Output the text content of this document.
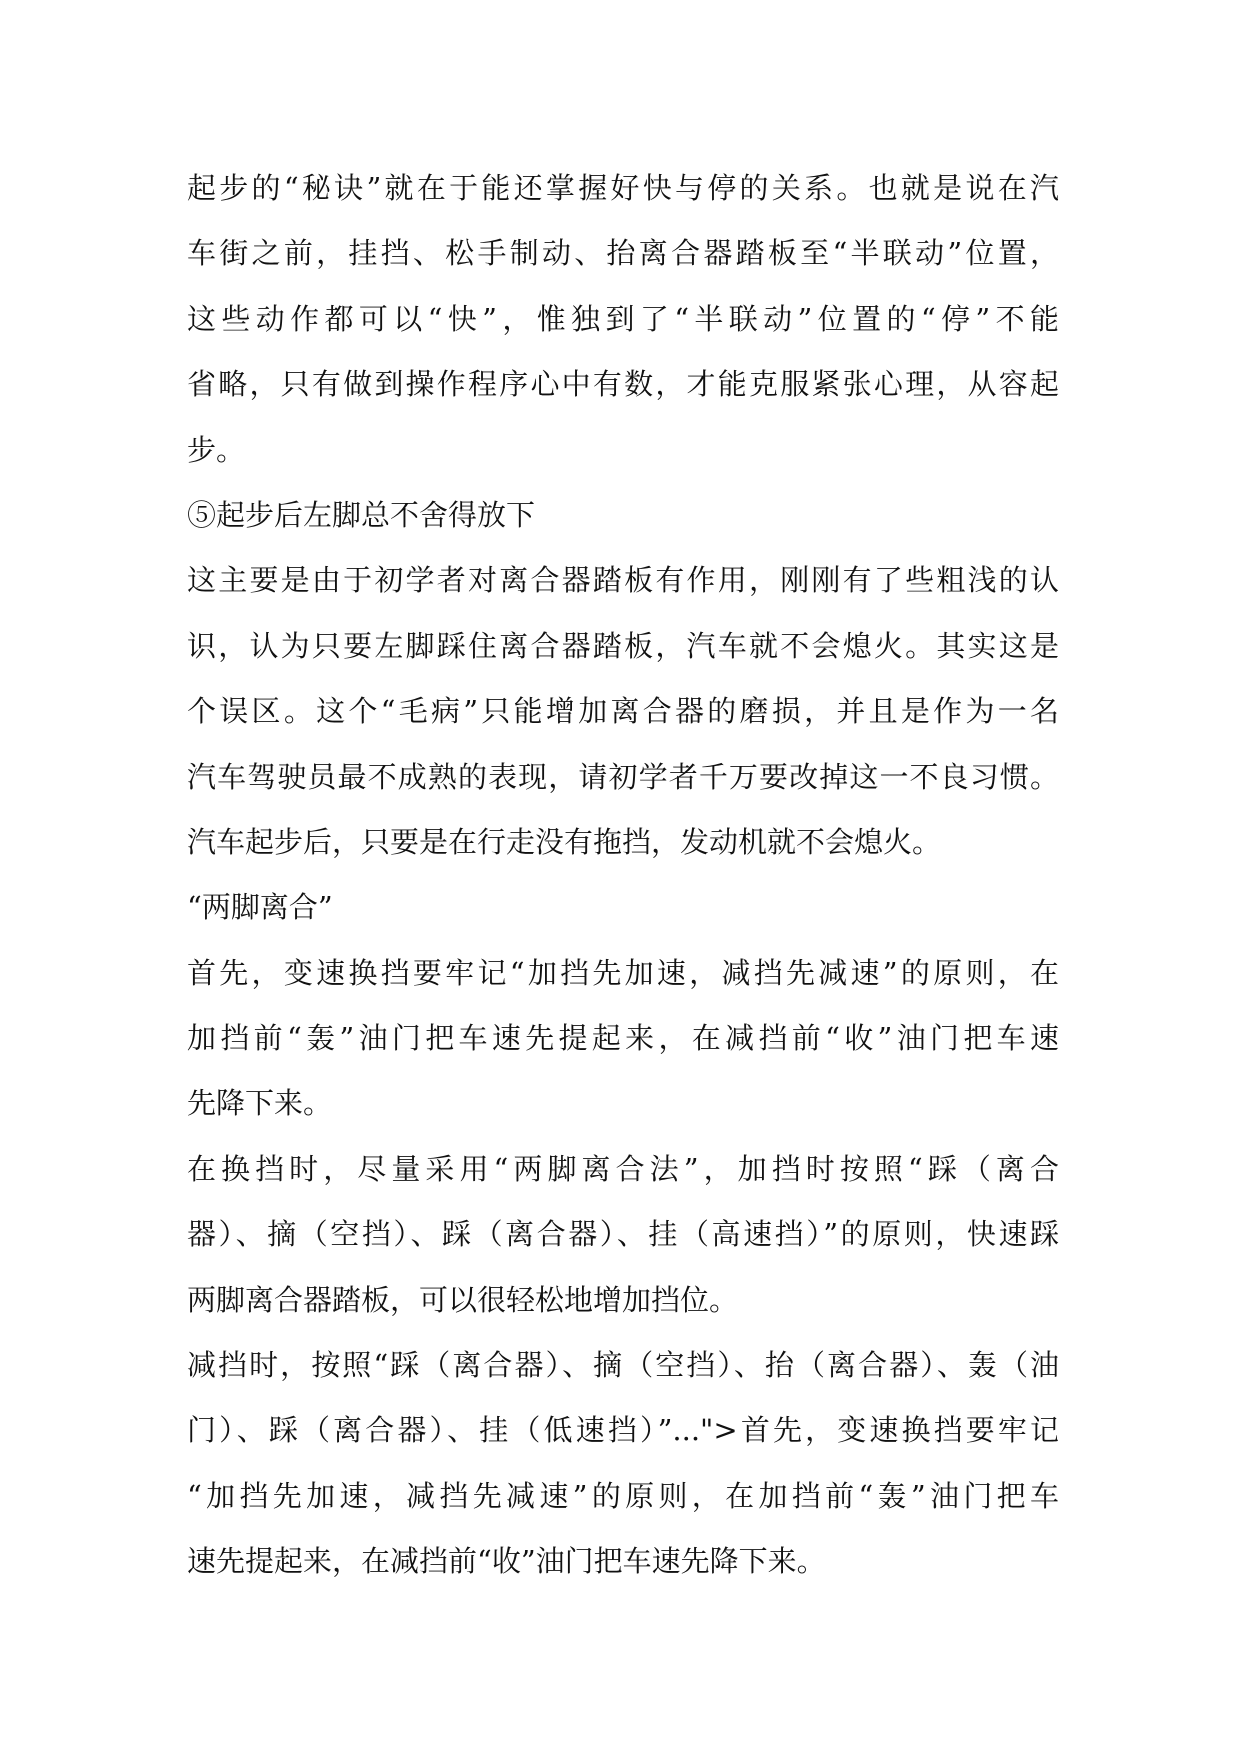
起步的“秘诀”就在于能还掌握好快与停的关系。也就是说在汽
车街之前，挂挡、松手制动、抬离合器踏板至“半联动”位置，
这些动作都可以“快”，惟独到了“半联动”位置的“停”不能
省略，只有做到操作程序心中有数，才能克服紧张心理，从容起
步。
⑤起步后左脚总不舍得放下
这主要是由于初学者对离合器踏板有作用，刚刚有了些粗浅的认
识，认为只要左脚踩住离合器踏板，汽车就不会熄火。其实这是
个误区。这个“毛病”只能增加离合器的磨损，并且是作为一名
汽车驾驶员最不成熟的表现，请初学者千万要改掉这一不良习惯。
汽车起步后，只要是在行走没有拖挡，发动机就不会熄火。
“两脚离合”
首先，变速换挡要牢记“加挡先加速，减挡先减速”的原则，在
加挡前“轰”油门把车速先提起来，在减挡前“收”油门把车速
先降下来。
在换挡时，尽量采用“两脚离合法”，加挡时按照“踩（离合
器）、摘（空挡）、踩（离合器）、挂（高速挡）”的原则，快速踩
两脚离合器踏板，可以很轻松地增加挡位。
减挡时，按照“踩（离合器）、摘（空挡）、抬（离合器）、轰（油
门）、踩（离合器）、挂（低速挡）”...">首先，变速换挡要牢记
“加挡先加速，减挡先减速”的原则，在加挡前“轰”油门把车
速先提起来，在减挡前“收”油门把车速先降下来。
